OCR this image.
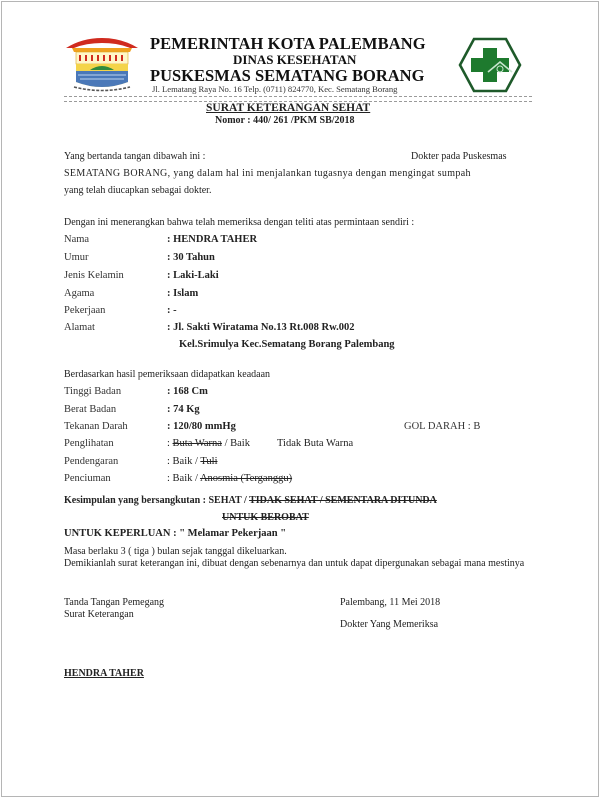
PEMERINTAH KOTA PALEMBANG
DINAS KESEHATAN
PUSKESMAS SEMATANG BORANG
Jl. Lematang Raya No. 16 Telp. (0711) 824770, Kec. Sematang Borang
SURAT KETERANGAN SEHAT
Nomor : 440/ 261 /PKM SB/2018
Yang bertanda tangan dibawah ini :	Dokter pada Puskesmas
SEMATANG BORANG, yang dalam hal ini menjalankan tugasnya dengan mengingat sumpah
yang telah diucapkan sebagai dokter.
Dengan ini menerangkan bahwa telah memeriksa dengan teliti atas permintaan sendiri :
Nama	: HENDRA TAHER
Umur	: 30 Tahun
Jenis Kelamin	: Laki-Laki
Agama	: Islam
Pekerjaan	: -
Alamat	: Jl. Sakti Wiratama No.13 Rt.008 Rw.002
Kel.Srimulya Kec.Sematang Borang Palembang
Berdasarkan hasil pemeriksaan didapatkan keadaan
Tinggi Badan	: 168 Cm
Berat Badan	: 74 Kg
Tekanan Darah	: 120/80 mmHg	GOL DARAH : B
Penglihatan	: Buta Warna / Baik	Tidak Buta Warna
Pendengaran	: Baik / Tuli
Penciuman	: Baik / Anosmia (Terganggu)
Kesimpulan yang bersangkutan : SEHAT / TIDAK SEHAT / SEMENTARA DITUNDA
UNTUK BEROBAT
UNTUK KEPERLUAN : " Melamar Pekerjaan "
Masa berlaku 3 ( tiga ) bulan sejak tanggal dikeluarkan.
Demikianlah surat keterangan ini, dibuat dengan sebenarnya dan untuk dapat dipergunakan sebagai mana mestinya
Tanda Tangan Pemegang
Surat Keterangan
Palembang, 11 Mei 2018
Dokter Yang Memeriksa
HENDRA TAHER
